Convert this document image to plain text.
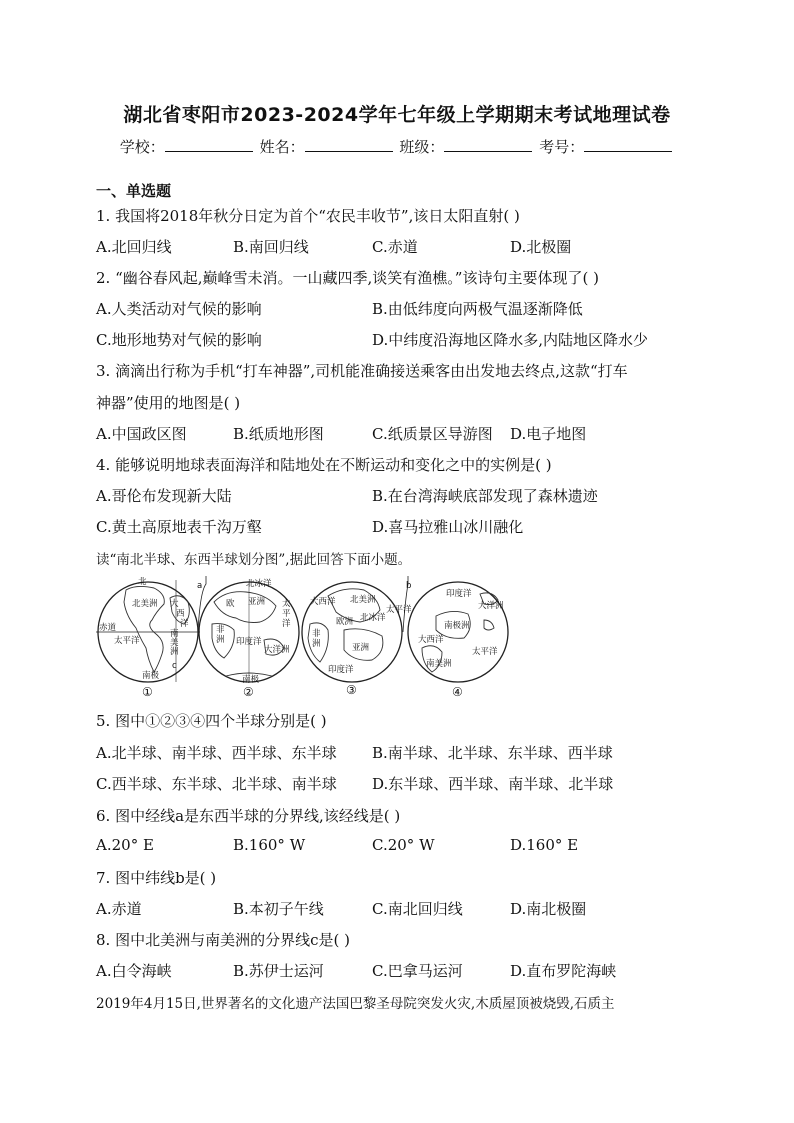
湖北省枣阳市2023-2024学年七年级上学期期末考试地理试卷
学校：	姓名：	班级：	考号：
一、单选题
1. 我国将2018年秋分日定为首个“农民丰收节”,该日太阳直射( )
A.北回归线	B.南回归线	C.赤道	D.北极圈
2. “幽谷春风起,巅峰雪未消。一山藏四季,谈笑有渔樵。”该诗句主要体现了( )
A.人类活动对气候的影响	B.由低纬度向两极气温逐渐降低
C.地形地势对气候的影响	D.中纬度沿海地区降水多,内陆地区降水少
3. 滴滴出行称为手机“打车神器”,司机能准确接送乘客由出发地去终点,这款“打车
神器”使用的地图是( )
A.中国政区图	B.纸质地形图	C.纸质景区导游图 D.电子地图
4. 能够说明地球表面海洋和陆地处在不断运动和变化之中的实例是( )
A.哥伦布发现新大陆	B.在台湾海峡底部发现了森林遗迹
C.黄土高原地表千沟万壑	D.喜马拉雅山冰川融化
读“南北半球、东西半球划分图”,据此回答下面小题。
北
北美洲 大
西
洋
赤道
太平洋
南
美
洲
南极
a
c
北冰洋
亚洲
欧	太
平
洋
非
洲 印度洋
大洋洲
南极
大西洋 北美洲
欧洲 北冰洋
太平洋
非
洲	亚洲
印度洋
b
印度洋
大洋洲
南极洲
大西洋
太平洋
南美洲
①	②	③	④
5. 图中①②③④四个半球分别是( )
A.北半球、南半球、西半球、东半球 B.南半球、北半球、东半球、西半球
C.西半球、东半球、北半球、南半球 D.东半球、西半球、南半球、北半球
6. 图中经线a是东西半球的分界线,该经线是( )
A.20° E	B.160° W	C.20° W	D.160° E
7. 图中纬线b是( )
A.赤道	B.本初子午线	C.南北回归线	D.南北极圈
8. 图中北美洲与南美洲的分界线c是( )
A.白令海峡	B.苏伊士运河	C.巴拿马运河	D.直布罗陀海峡
2019年4月15日,世界著名的文化遗产法国巴黎圣母院突发火灾,木质屋顶被烧毁,石质主
